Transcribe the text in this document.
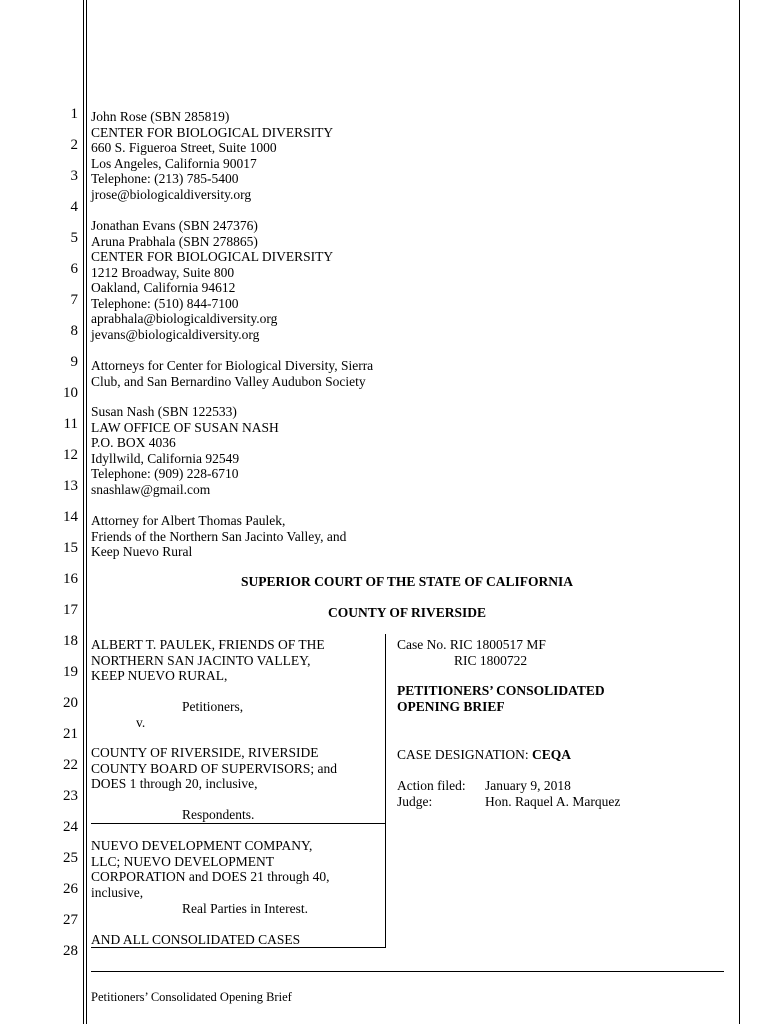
1
2
3
4
5
6
7
8
9
10
11
12
13
14
15
16
17
18
19
20
21
22
23
24
25
26
27
28
John Rose (SBN 285819)
CENTER FOR BIOLOGICAL DIVERSITY
660 S. Figueroa Street, Suite 1000
Los Angeles, California 90017
Telephone: (213) 785-5400
jrose@biologicaldiversity.org
Jonathan Evans (SBN 247376)
Aruna Prabhala (SBN 278865)
CENTER FOR BIOLOGICAL DIVERSITY
1212 Broadway, Suite 800
Oakland, California 94612
Telephone: (510) 844-7100
aprabhala@biologicaldiversity.org
jevans@biologicaldiversity.org
Attorneys for Center for Biological Diversity, Sierra
Club, and San Bernardino Valley Audubon Society
Susan Nash (SBN 122533)
LAW OFFICE OF SUSAN NASH
P.O. BOX 4036
Idyllwild, California 92549
Telephone: (909) 228-6710
snashlaw@gmail.com
Attorney for Albert Thomas Paulek,
Friends of the Northern San Jacinto Valley, and
Keep Nuevo Rural
SUPERIOR COURT OF THE STATE OF CALIFORNIA
COUNTY OF RIVERSIDE
ALBERT T. PAULEK, FRIENDS OF THE
NORTHERN SAN JACINTO VALLEY,
KEEP NUEVO RURAL,
Petitioners,
v.
COUNTY OF RIVERSIDE, RIVERSIDE
COUNTY BOARD OF SUPERVISORS; and
DOES 1 through 20, inclusive,
Respondents.
NUEVO DEVELOPMENT COMPANY,
LLC; NUEVO DEVELOPMENT
CORPORATION and DOES 21 through 40,
inclusive,
Real Parties in Interest.
AND ALL CONSOLIDATED CASES
Case No. RIC 1800517 MF
RIC 1800722
PETITIONERS’ CONSOLIDATED
OPENING BRIEF
CASE DESIGNATION: CEQA
Action filed: January 9, 2018
Judge:	Hon. Raquel A. Marquez
Petitioners’ Consolidated Opening Brief
